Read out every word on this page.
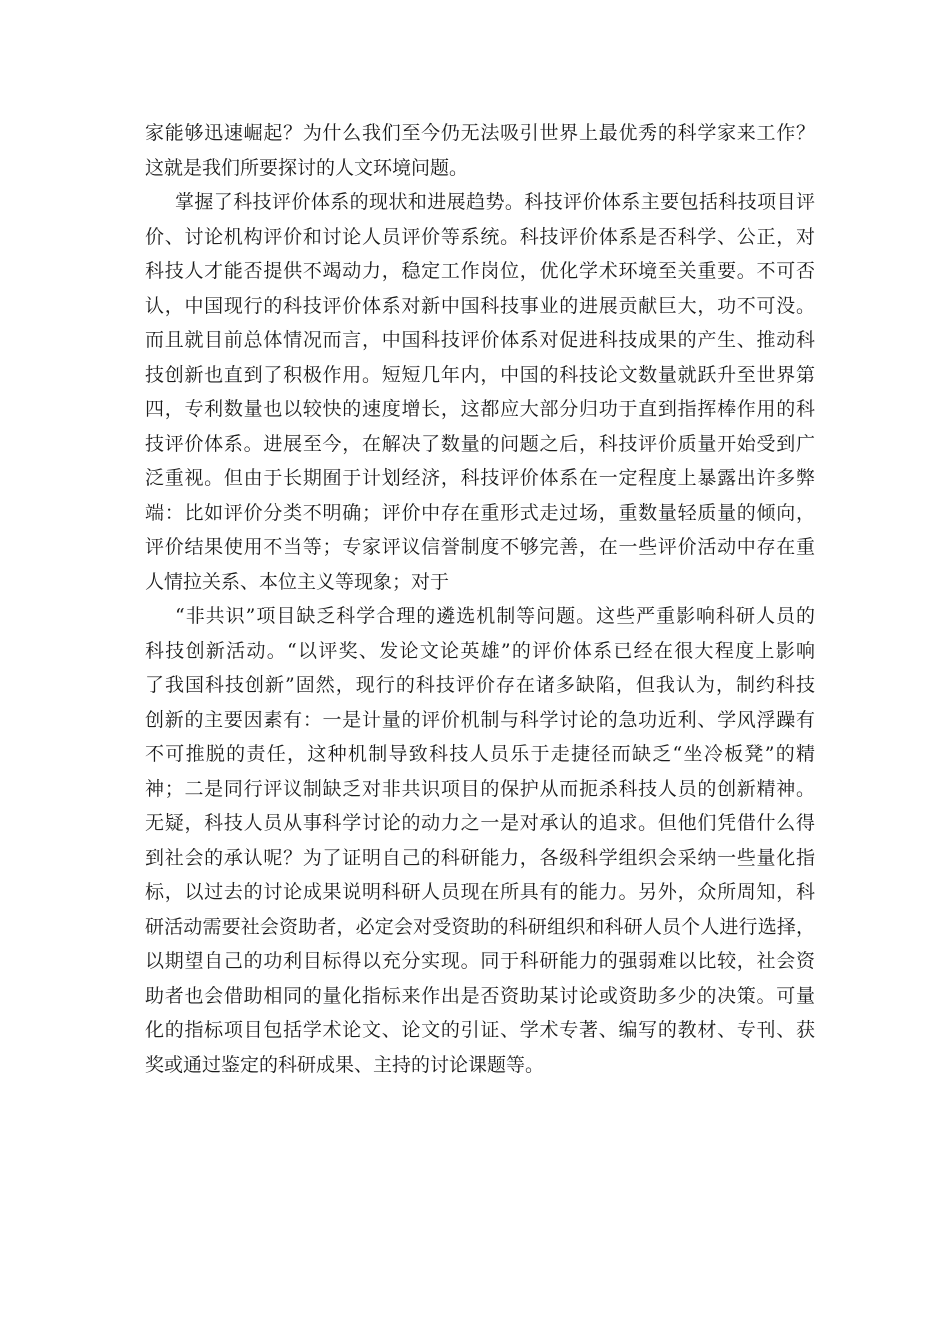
家能够迅速崛起？为什么我们至今仍无法吸引世界上最优秀的科学家来工作？
这就是我们所要探讨的人文环境问题。
掌握了科技评价体系的现状和进展趋势。科技评价体系主要包括科技项目评
价、讨论机构评价和讨论人员评价等系统。科技评价体系是否科学、公正，对
科技人才能否提供不竭动力，稳定工作岗位，优化学术环境至关重要。不可否
认，中国现行的科技评价体系对新中国科技事业的进展贡献巨大，功不可没。
而且就目前总体情况而言，中国科技评价体系对促进科技成果的产生、推动科
技创新也直到了积极作用。短短几年内，中国的科技论文数量就跃升至世界第
四，专利数量也以较快的速度增长，这都应大部分归功于直到指挥棒作用的科
技评价体系。进展至今，在解决了数量的问题之后，科技评价质量开始受到广
泛重视。但由于长期囿于计划经济，科技评价体系在一定程度上暴露出许多弊
端：比如评价分类不明确；评价中存在重形式走过场，重数量轻质量的倾向，
评价结果使用不当等；专家评议信誉制度不够完善，在一些评价活动中存在重
人情拉关系、本位主义等现象；对于
“非共识”项目缺乏科学合理的遴选机制等问题。这些严重影响科研人员的
科技创新活动。“以评奖、发论文论英雄”的评价体系已经在很大程度上影响
了我国科技创新”固然，现行的科技评价存在诸多缺陷，但我认为，制约科技
创新的主要因素有：一是计量的评价机制与科学讨论的急功近利、学风浮躁有
不可推脱的责任，这种机制导致科技人员乐于走捷径而缺乏“坐冷板凳”的精
神；二是同行评议制缺乏对非共识项目的保护从而扼杀科技人员的创新精神。
无疑，科技人员从事科学讨论的动力之一是对承认的追求。但他们凭借什么得
到社会的承认呢？为了证明自己的科研能力，各级科学组织会采纳一些量化指
标，以过去的讨论成果说明科研人员现在所具有的能力。另外，众所周知，科
研活动需要社会资助者，必定会对受资助的科研组织和科研人员个人进行选择，
以期望自己的功利目标得以充分实现。同于科研能力的强弱难以比较，社会资
助者也会借助相同的量化指标来作出是否资助某讨论或资助多少的决策。可量
化的指标项目包括学术论文、论文的引证、学术专著、编写的教材、专刊、获
奖或通过鉴定的科研成果、主持的讨论课题等。
